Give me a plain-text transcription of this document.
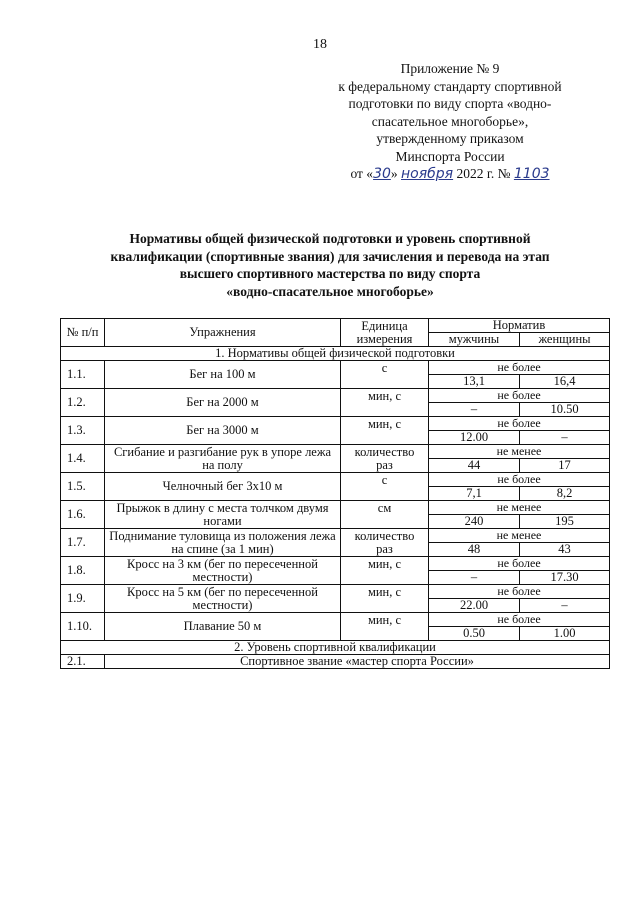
18
Приложение № 9
к федеральному стандарту спортивной
подготовки по виду спорта «водно-
спасательное многоборье»,
утвержденному приказом
Минспорта России
от «30» ноября 2022 г. № 1103
Нормативы общей физической подготовки и уровень спортивной
квалификации (спортивные звания) для зачисления и перевода на этап
высшего спортивного мастерства по виду спорта
«водно-спасательное многоборье»
№ п/п	Упражнения	Единица измерения	Норматив	
			мужчины	женщины
1. Нормативы общей физической подготовки				
1.1.	Бег на 100 м	с	не более	
			13,1	16,4
1.2.	Бег на 2000 м	мин, с	не более	
			–	10.50
1.3.	Бег на 3000 м	мин, с	не более	
			12.00	–
1.4.	Сгибание и разгибание рук в упоре лежа на полу	количество раз	не менее	
			44	17
1.5.	Челночный бег 3х10 м	с	не более	
			7,1	8,2
1.6.	Прыжок в длину с места толчком двумя ногами	см	не менее	
			240	195
1.7.	Поднимание туловища из положения лежа на спине (за 1 мин)	количество раз	не менее	
			48	43
1.8.	Кросс на 3 км (бег по пересеченной местности)	мин, с	не более	
			–	17.30
1.9.	Кросс на 5 км (бег по пересеченной местности)	мин, с	не более	
			22.00	–
1.10.	Плавание 50 м	мин, с	не более	
			0.50	1.00
2. Уровень спортивной квалификации				
2.1.	Спортивное звание «мастер спорта России»			
